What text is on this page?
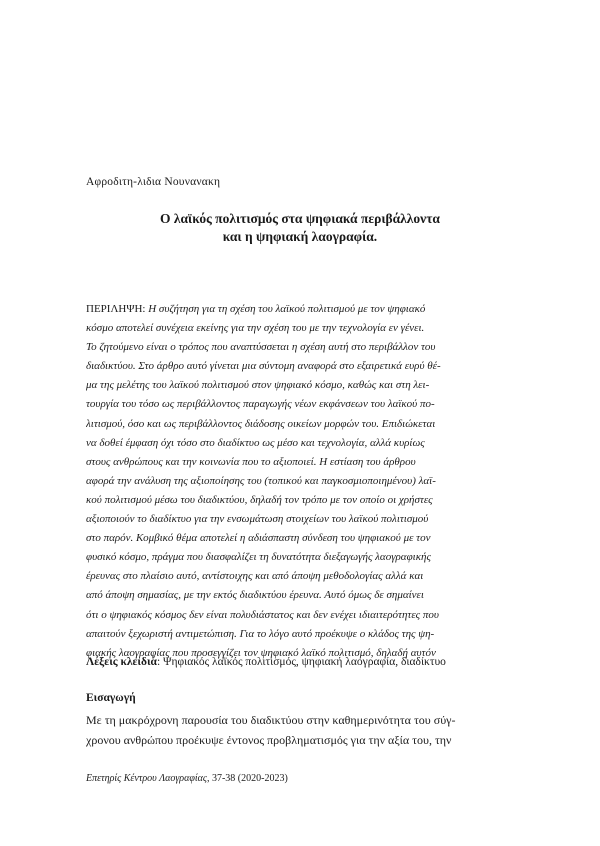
Αφροδιτη-λιδια Νουνανακη
Ο λαϊκός πολιτισμός στα ψηφιακά περιβάλλοντα
και η ψηφιακή λαογραφία.
ΠΕΡΙΛΗΨΗ: Η συζήτηση για τη σχέση του λαϊκού πολιτισμού με τον ψηφιακό
κόσμο αποτελεί συνέχεια εκείνης για την σχέση του με την τεχνολογία εν γένει.
Το ζητούμενο είναι ο τρόπος που αναπτύσσεται η σχέση αυτή στο περιβάλλον του
διαδικτύου. Στο άρθρο αυτό γίνεται μια σύντομη αναφορά στο εξαιρετικά ευρύ θέ-
μα της μελέτης του λαϊκού πολιτισμού στον ψηφιακό κόσμο, καθώς και στη λει-
τουργία του τόσο ως περιβάλλοντος παραγωγής νέων εκφάνσεων του λαϊκού πο-
λιτισμού, όσο και ως περιβάλλοντος διάδοσης οικείων μορφών του. Επιδιώκεται
να δοθεί έμφαση όχι τόσο στο διαδίκτυο ως μέσο και τεχνολογία, αλλά κυρίως
στους ανθρώπους και την κοινωνία που το αξιοποιεί. Η εστίαση του άρθρου
αφορά την ανάλυση της αξιοποίησης του (τοπικού και παγκοσμιοποιημένου) λαϊ-
κού πολιτισμού μέσω του διαδικτύου, δηλαδή τον τρόπο με τον οποίο οι χρήστες
αξιοποιούν το διαδίκτυο για την ενσωμάτωση στοιχείων του λαϊκού πολιτισμού
στο παρόν. Κομβικό θέμα αποτελεί η αδιάσπαστη σύνδεση του ψηφιακού με τον
φυσικό κόσμο, πράγμα που διασφαλίζει τη δυνατότητα διεξαγωγής λαογραφικής
έρευνας στο πλαίσιο αυτό, αντίστοιχης και από άποψη μεθοδολογίας αλλά και
από άποψη σημασίας, με την εκτός διαδικτύου έρευνα. Αυτό όμως δε σημαίνει
ότι ο ψηφιακός κόσμος δεν είναι πολυδιάστατος και δεν ενέχει ιδιαιτερότητες που
απαιτούν ξεχωριστή αντιμετώπιση. Για το λόγο αυτό προέκυψε ο κλάδος της ψη-
φιακής λαογραφίας που προσεγγίζει τον ψηφιακό λαϊκό πολιτισμό, δηλαδή αυτόν
Λέξεις κλειδιά: Ψηφιακός λαϊκός πολιτισμός, ψηφιακή λαογραφία, διαδίκτυο
Εισαγωγή
Με τη μακρόχρονη παρουσία του διαδικτύου στην καθημερινότητα του σύγ-
χρονου ανθρώπου προέκυψε έντονος προβληματισμός για την αξία του, την
Επετηρίς Κέντρου Λαογραφίας, 37-38 (2020-2023)
